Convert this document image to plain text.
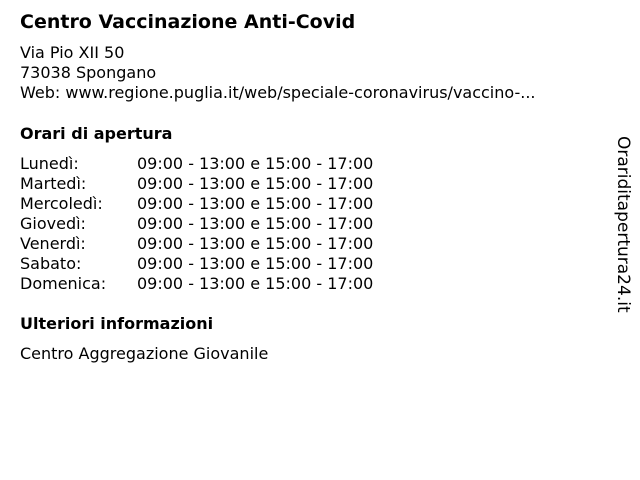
Centro Vaccinazione Anti-Covid
Via Pio XII 50
73038 Spongano
Web: www.regione.puglia.it/web/speciale-coronavirus/vaccino-...
Orari di apertura
Lunedì:	09:00 - 13:00 e 15:00 - 17:00
Martedì:	09:00 - 13:00 e 15:00 - 17:00
Mercoledì:	09:00 - 13:00 e 15:00 - 17:00
Giovedì:	09:00 - 13:00 e 15:00 - 17:00
Venerdì:	09:00 - 13:00 e 15:00 - 17:00
Sabato:	09:00 - 13:00 e 15:00 - 17:00
Domenica:	09:00 - 13:00 e 15:00 - 17:00
Ulteriori informazioni
Centro Aggregazione Giovanile
Orariditapertura24.it
